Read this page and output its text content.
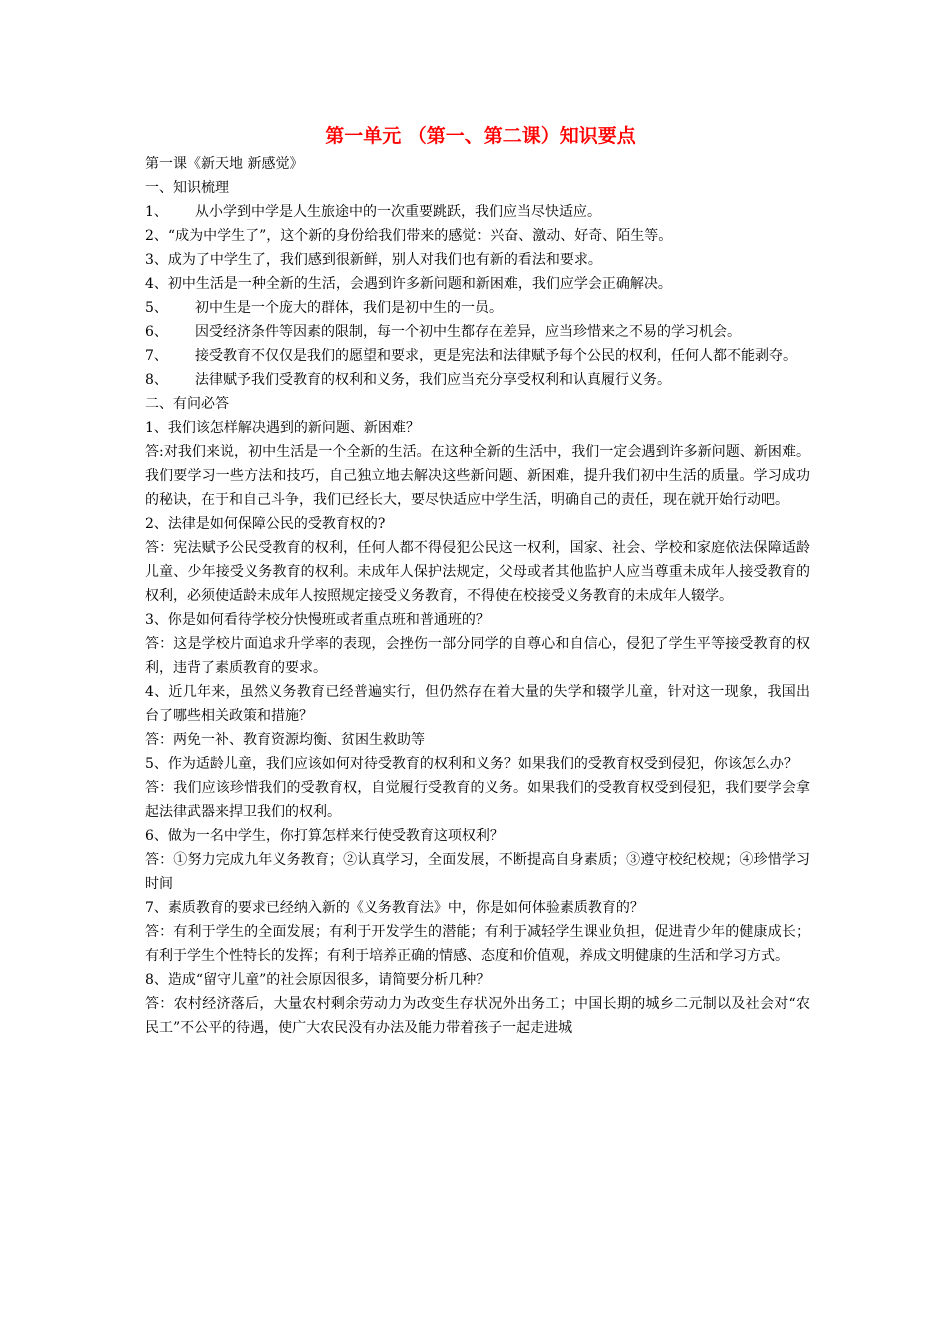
第一单元 （第一、第二课）知识要点

第一课《新天地 新感觉》

一、知识梳理

1、 从小学到中学是人生旅途中的一次重要跳跃，我们应当尽快适应。

2、“成为中学生了”，这个新的身份给我们带来的感觉：兴奋、激动、好奇、陌生等。

3、成为了中学生了，我们感到很新鲜，别人对我们也有新的看法和要求。

4、初中生活是一种全新的生活，会遇到许多新问题和新困难，我们应学会正确解决。

5、 初中生是一个庞大的群体，我们是初中生的一员。

6、 因受经济条件等因素的限制，每一个初中生都存在差异，应当珍惜来之不易的学习机会。

7、 接受教育不仅仅是我们的愿望和要求，更是宪法和法律赋予每个公民的权利，任何人都不能剥夺。

8、 法律赋予我们受教育的权利和义务，我们应当充分享受权利和认真履行义务。

二、有问必答

1、我们该怎样解决遇到的新问题、新困难？

答:对我们来说，初中生活是一个全新的生活。在这种全新的生活中，我们一定会遇到许多新问题、新困难。我们要学习一些方法和技巧，自己独立地去解决这些新问题、新困难，提升我们初中生活的质量。学习成功的秘诀，在于和自己斗争，我们已经长大，要尽快适应中学生活，明确自己的责任，现在就开始行动吧。

2、法律是如何保障公民的受教育权的?

答：宪法赋予公民受教育的权利，任何人都不得侵犯公民这一权利，国家、社会、学校和家庭依法保障适龄儿童、少年接受义务教育的权利。未成年人保护法规定，父母或者其他监护人应当尊重未成年人接受教育的权利，必须使适龄未成年人按照规定接受义务教育，不得使在校接受义务教育的未成年人辍学。

3、你是如何看待学校分快慢班或者重点班和普通班的？

答：这是学校片面追求升学率的表现，会挫伤一部分同学的自尊心和自信心，侵犯了学生平等接受教育的权利，违背了素质教育的要求。

4、近几年来，虽然义务教育已经普遍实行，但仍然存在着大量的失学和辍学儿童，针对这一现象，我国出台了哪些相关政策和措施？

答：两免一补、教育资源均衡、贫困生救助等

5、作为适龄儿童，我们应该如何对待受教育的权利和义务？如果我们的受教育权受到侵犯，你该怎么办？

答：我们应该珍惜我们的受教育权，自觉履行受教育的义务。如果我们的受教育权受到侵犯，我们要学会拿起法律武器来捍卫我们的权利。

6、做为一名中学生，你打算怎样来行使受教育这项权利？

答：①努力完成九年义务教育；②认真学习，全面发展，不断提高自身素质；③遵守校纪校规；④珍惜学习时间

7、素质教育的要求已经纳入新的《义务教育法》中，你是如何体验素质教育的？

答：有利于学生的全面发展；有利于开发学生的潜能；有利于减轻学生课业负担，促进青少年的健康成长；有利于学生个性特长的发挥；有利于培养正确的情感、态度和价值观，养成文明健康的生活和学习方式。

8、造成“留守儿童”的社会原因很多，请简要分析几种？

答：农村经济落后，大量农村剩余劳动力为改变生存状况外出务工；中国长期的城乡二元制以及社会对“农民工”不公平的待遇，使广大农民没有办法及能力带着孩子一起走进城
